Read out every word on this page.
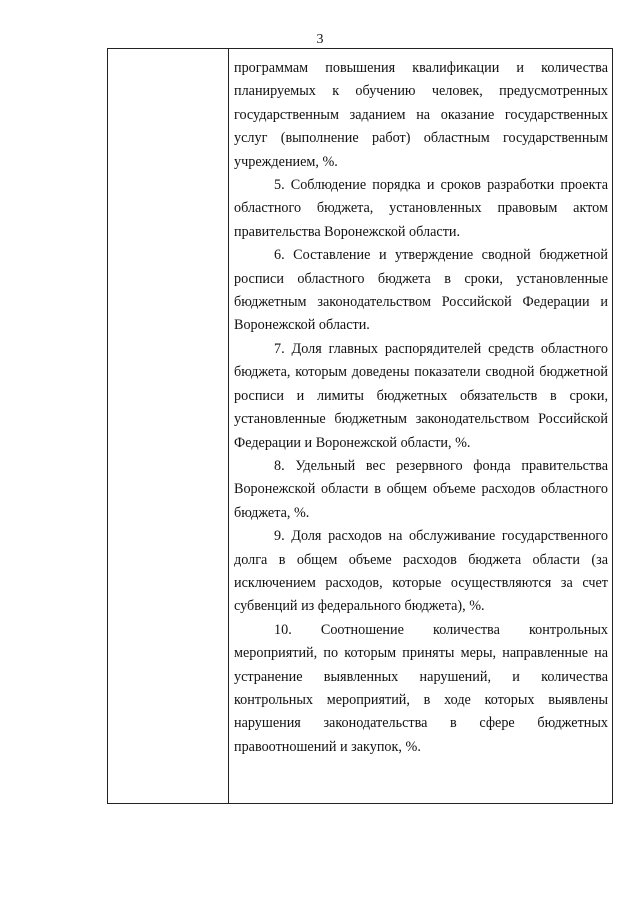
3

программам повышения квалификации и количества планируемых к обучению человек, предусмотренных государственным заданием на оказание государственных услуг (выполнение работ) областным государственным учреждением, %.

5. Соблюдение порядка и сроков разработки проекта областного бюджета, установленных правовым актом правительства Воронежской области.

6. Составление и утверждение сводной бюджетной росписи областного бюджета в сроки, установленные бюджетным законодательством Российской Федерации и Воронежской области.

7. Доля главных распорядителей средств областного бюджета, которым доведены показатели сводной бюджетной росписи и лимиты бюджетных обязательств в сроки, установленные бюджетным законодательством Российской Федерации и Воронежской области, %.

8. Удельный вес резервного фонда правительства Воронежской области в общем объеме расходов областного бюджета, %.

9. Доля расходов на обслуживание государственного долга в общем объеме расходов бюджета области (за исключением расходов, которые осуществляются за счет субвенций из федерального бюджета), %.

10. Соотношение количества контрольных мероприятий, по которым приняты меры, направленные на устранение выявленных нарушений, и количества контрольных мероприятий, в ходе которых выявлены нарушения законодательства в сфере бюджетных правоотношений и закупок, %.
